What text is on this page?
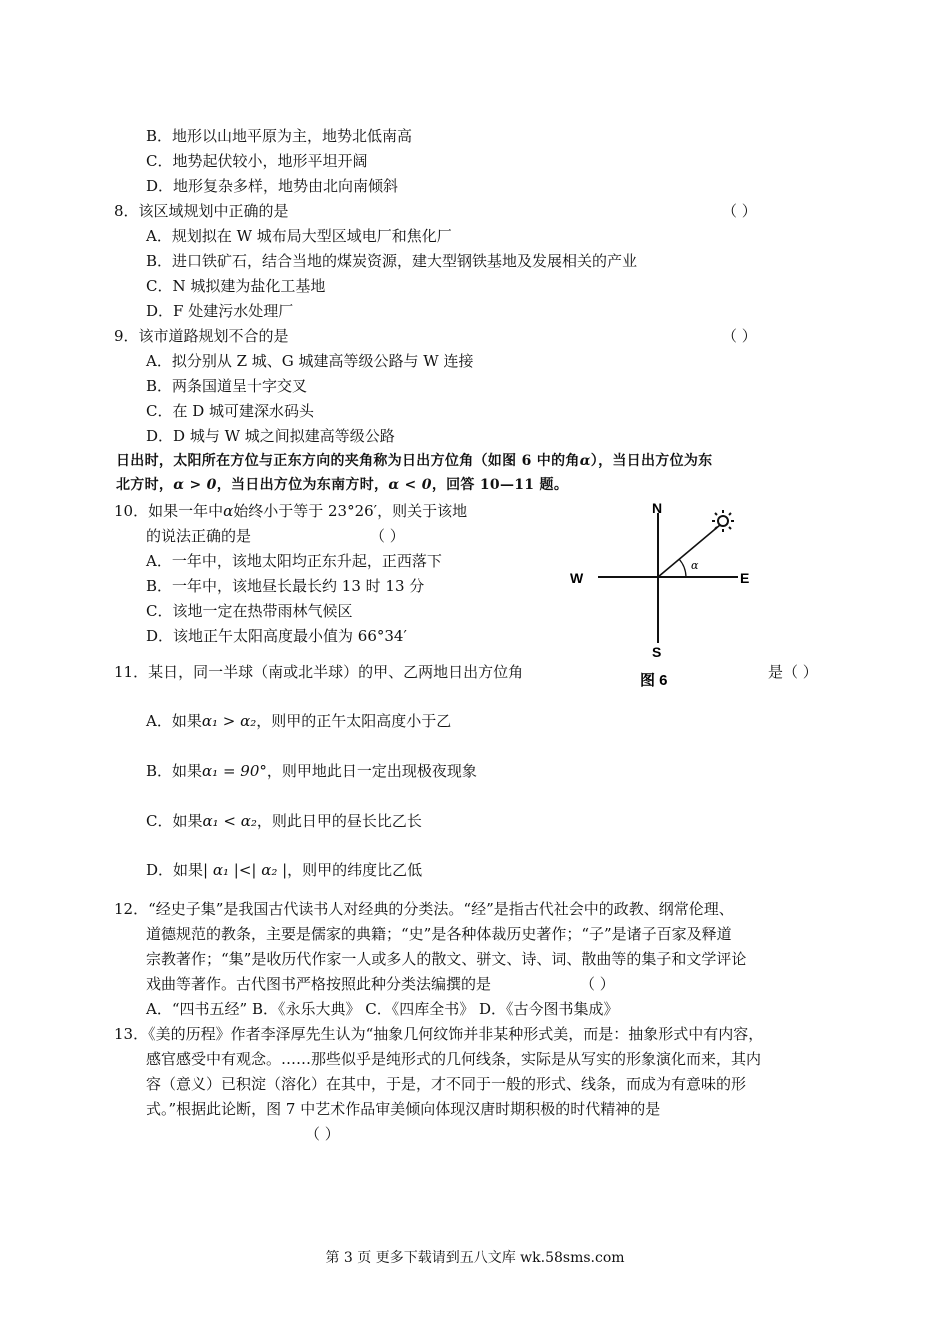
B．地形以山地平原为主，地势北低南高
C．地势起伏较小，地形平坦开阔
D．地形复杂多样，地势由北向南倾斜
8．该区域规划中正确的是	（ ）
A．规划拟在 W 城布局大型区域电厂和焦化厂
B．进口铁矿石，结合当地的煤炭资源，建大型钢铁基地及发展相关的产业
C．N 城拟建为盐化工基地
D．F 处建污水处理厂
9．该市道路规划不合的是	（ ）
A．拟分别从 Z 城、G 城建高等级公路与 W 连接
B．两条国道呈十字交叉
C．在 D 城可建深水码头
D．D 城与 W 城之间拟建高等级公路
日出时，太阳所在方位与正东方向的夹角称为日出方位角（如图 6 中的角α），当日出方位为东
北方时，α > 0，当日出方位为东南方时，α < 0，回答 10—11 题。
10．如果一年中α始终小于等于 23°26′，则关于该地
的说法正确的是	（ ）
A．一年中，该地太阳均正东升起，正西落下
B．一年中，该地昼长最长约 13 时 13 分
C．该地一定在热带雨林气候区
D．该地正午太阳高度最小值为 66°34′
N
S
W	E
α
图 6
11．某日，同一半球（南或北半球）的甲、乙两地日出方位角	是（ ）
A．如果α₁ > α₂，则甲的正午太阳高度小于乙
B．如果α₁ = 90°，则甲地此日一定出现极夜现象
C．如果α₁ < α₂，则此日甲的昼长比乙长
D．如果| α₁ |<| α₂ |，则甲的纬度比乙低
12．“经史子集”是我国古代读书人对经典的分类法。“经”是指古代社会中的政教、纲常伦理、
道德规范的教条，主要是儒家的典籍；“史”是各种体裁历史著作；“子”是诸子百家及释道
宗教著作；“集”是收历代作家一人或多人的散文、骈文、诗、词、散曲等的集子和文学评论
戏曲等著作。古代图书严格按照此种分类法编撰的是	（ ）
A．“四书五经” B．《永乐大典》 C．《四库全书》 D．《古今图书集成》
13．《美的历程》作者李泽厚先生认为“抽象几何纹饰并非某种形式美，而是：抽象形式中有内容，
感官感受中有观念。……那些似乎是纯形式的几何线条，实际是从写实的形象演化而来，其内
容（意义）已积淀（溶化）在其中，于是，才不同于一般的形式、线条，而成为有意味的形
式。”根据此论断，图 7 中艺术作品审美倾向体现汉唐时期积极的时代精神的是
（ ）
第 3 页 更多下载请到五八文库 wk.58sms.com
